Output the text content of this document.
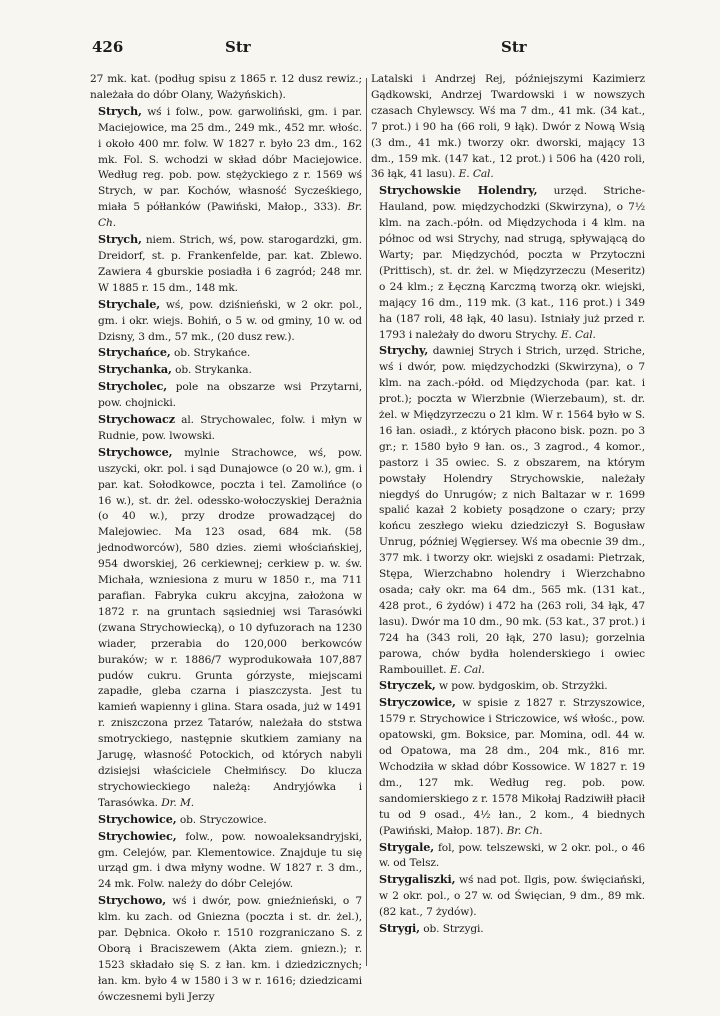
426	Str	Str

27 mk. kat. (podług spisu z 1865 r. 12 dusz rewiz.; należała do dóbr Olany, Ważyńskich).

Strych, wś i folw., pow. garwoliński, gm. i par. Maciejowice, ma 25 dm., 249 mk., 452 mr. włośc. i około 400 mr. folw. W 1827 r. było 23 dm., 162 mk. Fol. S. wchodzi w skład dóbr Maciejowice. Według reg. pob. pow. stężyckiego z r. 1569 wś Strych, w par. Kochów, własność Sycześkiego, miała 5 półłanków (Pawiński, Małop., 333). Br. Ch.

Strych, niem. Strich, wś, pow. starogardzki, gm. Dreidorf, st. p. Frankenfelde, par. kat. Zblewo. Zawiera 4 gburskie posiadła i 6 zagród; 248 mr. W 1885 r. 15 dm., 148 mk.

Strychale, wś, pow. dziśnieński, w 2 okr. pol., gm. i okr. wiejs. Bohiń, o 5 w. od gminy, 10 w. od Dzisny, 3 dm., 57 mk., (20 dusz rew.).

Strychańce, ob. Strykańce.

Strychanka, ob. Strykanka.

Strycholec, pole na obszarze wsi Przytarni, pow. chojnicki.

Strychowacz al. Strychowalec, folw. i młyn w Rudnie, pow. lwowski.

Strychowce, mylnie Strachowce, wś, pow. uszycki, okr. pol. i sąd Dunajowce (o 20 w.), gm. i par. kat. Sołodkowce, poczta i tel. Zamolińce (o 16 w.), st. dr. żel. odessko-wołoczyskiej Derażnia (o 40 w.), przy drodze prowadzącej do Malejowiec. Ma 123 osad, 684 mk. (58 jednodworców), 580 dzies. ziemi włościańskiej, 954 dworskiej, 26 cerkiewnej; cerkiew p. w. św. Michała, wzniesiona z muru w 1850 r., ma 711 parafian. Fabryka cukru akcyjna, założona w 1872 r. na gruntach sąsiedniej wsi Tarasówki (zwana Strychowiecką), o 10 dyfuzorach na 1230 wiader, przerabia do 120,000 berkowców buraków; w r. 1886/7 wyprodukowała 107,887 pudów cukru. Grunta górzyste, miejscami zapadłe, gleba czarna i piaszczysta. Jest tu kamień wapienny i glina. Stara osada, już w 1491 r. zniszczona przez Tatarów, należała do ststwa smotryckiego, następnie skutkiem zamiany na Jarugę, własność Potockich, od których nabyli dzisiejsi właściciele Chełmińscy. Do klucza strychowieckiego należą: Andryjówka i Tarasówka. Dr. M.

Strychowice, ob. Stryczowice.

Strychowiec, folw., pow. nowoaleksandryjski, gm. Celejów, par. Klementowice. Znajduje tu się urząd gm. i dwa młyny wodne. W 1827 r. 3 dm., 24 mk. Folw. należy do dóbr Celejów.

Strychowo, wś i dwór, pow. gnieźnieński, o 7 klm. ku zach. od Gniezna (poczta i st. dr. żel.), par. Dębnica. Około r. 1510 rozgraniczano S. z Oborą i Braciszewem (Akta ziem. gniezn.); r. 1523 składało się S. z łan. km. i dziedzicznych; łan. km. było 4 w 1580 i 3 w r. 1616; dziedzicami ówczesnemi byli Jerzy

Latalski i Andrzej Rej, późniejszymi Kazimierz Gądkowski, Andrzej Twardowski i w nowszych czasach Chylewscy. Wś ma 7 dm., 41 mk. (34 kat., 7 prot.) i 90 ha (66 roli, 9 łąk). Dwór z Nową Wsią (3 dm., 41 mk.) tworzy okr. dworski, mający 13 dm., 159 mk. (147 kat., 12 prot.) i 506 ha (420 roli, 36 łąk, 41 lasu). E. Cal.

Strychowskie Holendry, urzęd. Striche-Hauland, pow. międzychodzki (Skwirzyna), o 7½ klm. na zach.-półn. od Międzychoda i 4 klm. na północ od wsi Strychy, nad strugą, spływającą do Warty; par. Międzychód, poczta w Przytocznі (Prittisch), st. dr. żel. w Międzyrzeczu (Meseritz) o 24 klm.; z Łęczną Karczmą tworzą okr. wiejski, mający 16 dm., 119 mk. (3 kat., 116 prot.) i 349 ha (187 roli, 48 łąk, 40 lasu). Istniały już przed r. 1793 i należały do dworu Strychy. E. Cal.

Strychy, dawniej Strych i Strich, urzęd. Striche, wś i dwór, pow. międzychodzki (Skwirzyna), o 7 klm. na zach.-półd. od Międzychoda (par. kat. i prot.); poczta w Wierzbnie (Wierzebaum), st. dr. żel. w Międzyrzeczu o 21 klm. W r. 1564 było w S. 16 łan. osiadł., z których płacono bisk. pozn. po 3 gr.; r. 1580 było 9 łan. os., 3 zagrod., 4 komor., pastorz i 35 owiec. S. z obszarem, na którym powstały Holendry Strychowskie, należały niegdyś do Unrugów; z nich Baltazar w r. 1699 spalić kazał 2 kobiety posądzone o czary; przy końcu zeszłego wieku dziedziczył S. Bogusław Unrug, później Węgiersey. Wś ma obecnie 39 dm., 377 mk. i tworzy okr. wiejski z osadami: Pietrzak, Stępa, Wierzchabno holendry i Wierzchabno osada; cały okr. ma 64 dm., 565 mk. (131 kat., 428 prot., 6 żydów) i 472 ha (263 roli, 34 łąk, 47 lasu). Dwór ma 10 dm., 90 mk. (53 kat., 37 prot.) i 724 ha (343 roli, 20 łąk, 270 lasu); gorzelnia parowa, chów bydła holenderskiego i owiec Rambouillet. E. Cal.

Stryczek, w pow. bydgoskim, ob. Strzyżki.

Stryczowice, w spisie z 1827 r. Strzyszowice, 1579 r. Strychowice i Striczowice, wś włośc., pow. opatowski, gm. Boksice, par. Momina, odl. 44 w. od Opatowa, ma 28 dm., 204 mk., 816 mr. Wchodziła w skład dóbr Kossowice. W 1827 r. 19 dm., 127 mk. Według reg. pob. pow. sandomierskiego z r. 1578 Mikołaj Radziwiłł płacił tu od 9 osad., 4½ łan., 2 kom., 4 biednych (Pawiński, Małop. 187). Br. Ch.

Strygale, fol, pow. telszewski, w 2 okr. pol., o 46 w. od Telsz.

Strygaliszki, wś nad pot. Ilgis, pow. święciański, w 2 okr. pol., o 27 w. od Święcian, 9 dm., 89 mk. (82 kat., 7 żydów).

Strygi, ob. Strzygi.
